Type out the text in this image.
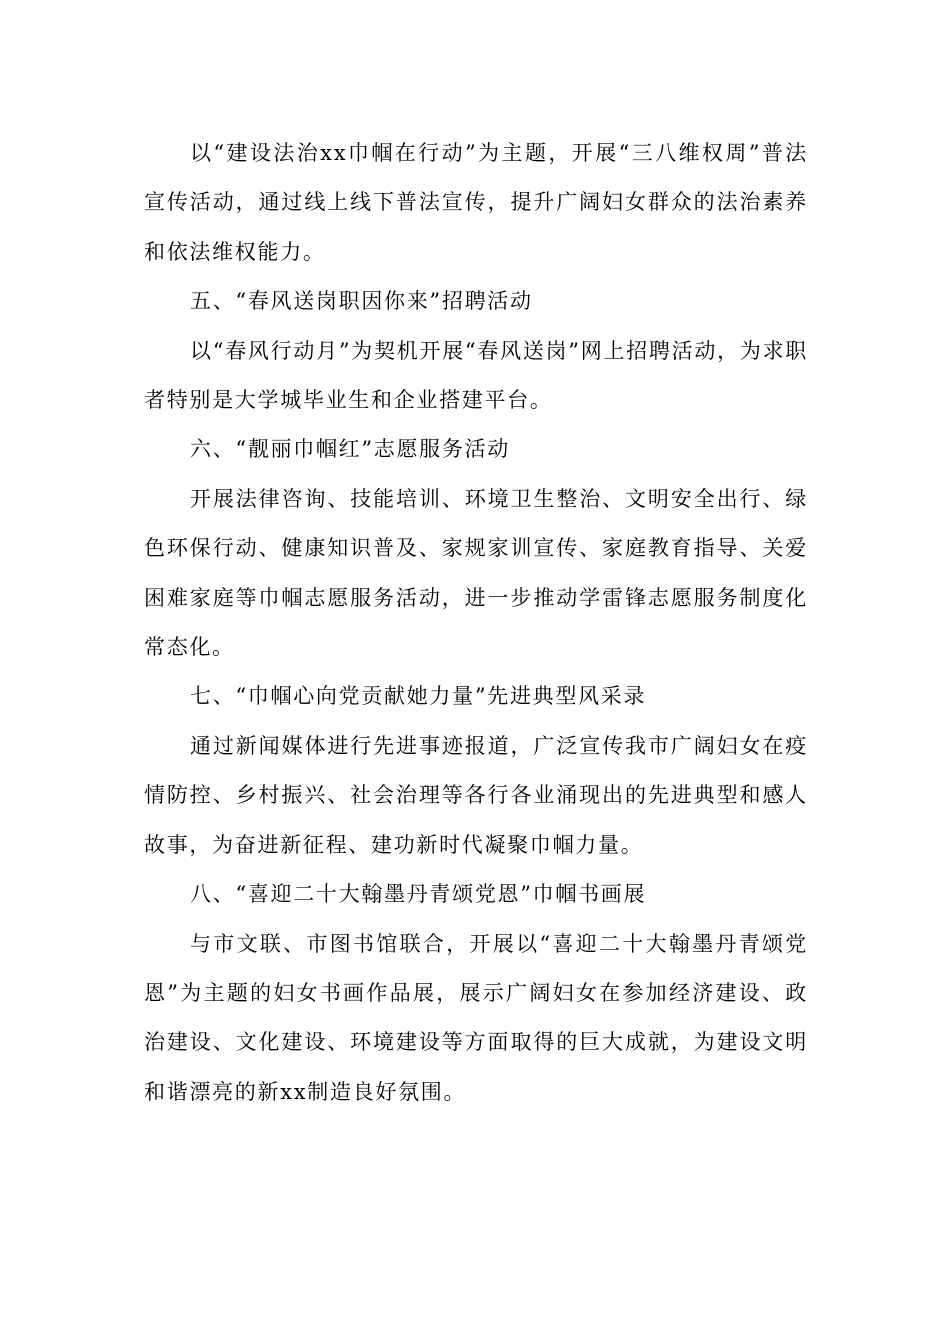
以“建设法治xx巾帼在行动”为主题，开展“三八维权周”普法宣传活动，通过线上线下普法宣传，提升广阔妇女群众的法治素养和依法维权能力。

五、“春风送岗职因你来”招聘活动

以“春风行动月”为契机开展“春风送岗”网上招聘活动，为求职者特别是大学城毕业生和企业搭建平台。

六、“靓丽巾帼红”志愿服务活动

开展法律咨询、技能培训、环境卫生整治、文明安全出行、绿色环保行动、健康知识普及、家规家训宣传、家庭教育指导、关爱困难家庭等巾帼志愿服务活动，进一步推动学雷锋志愿服务制度化常态化。

七、“巾帼心向党贡献她力量”先进典型风采录

通过新闻媒体进行先进事迹报道，广泛宣传我市广阔妇女在疫情防控、乡村振兴、社会治理等各行各业涌现出的先进典型和感人故事，为奋进新征程、建功新时代凝聚巾帼力量。

八、“喜迎二十大翰墨丹青颂党恩”巾帼书画展

与市文联、市图书馆联合，开展以“喜迎二十大翰墨丹青颂党恩”为主题的妇女书画作品展，展示广阔妇女在参加经济建设、政治建设、文化建设、环境建设等方面取得的巨大成就，为建设文明和谐漂亮的新xx制造良好氛围。
